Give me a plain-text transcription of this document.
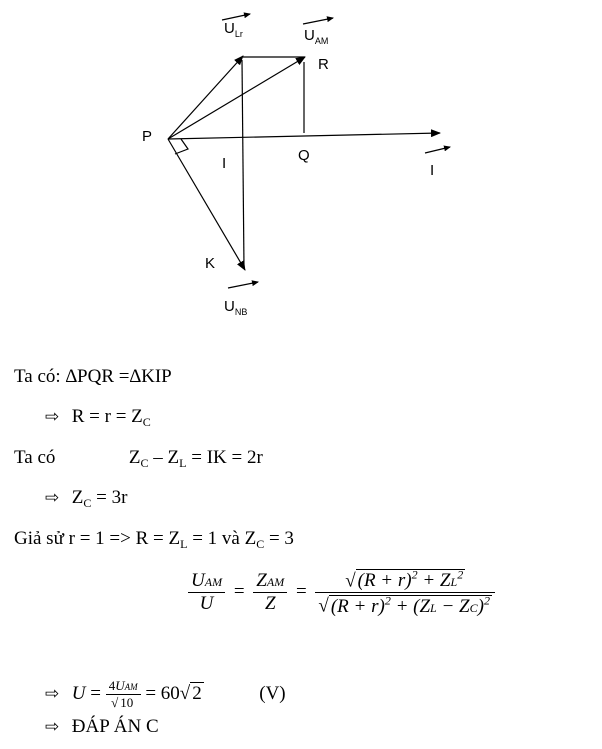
$U_{Lr}$	$U_{AM}$
R
P
I	Q
I
K
$U_{NB}$
Ta có: ∆PQR =∆KIP
⇨ $R = r = Z_C$
Ta có	$Z_C - Z_L$ = IK = 2r
⇨ $Z_C = 3r$
Giả sử $r = 1 => R = Z_L = 1$ và $Z_C = 3$
$\frac{\text{UAM}}{U} = \frac{\text{ZAM}}{Z} = \frac{√ (R + r)^2 + ZL^2}{√ (R + r)^2 + (ZL - ZC)^2}$
⇨ $U = \frac{\text{4UAM}}{√ 10} = 60√$ 2	(V)
⇨ ĐÁP ÁN C
